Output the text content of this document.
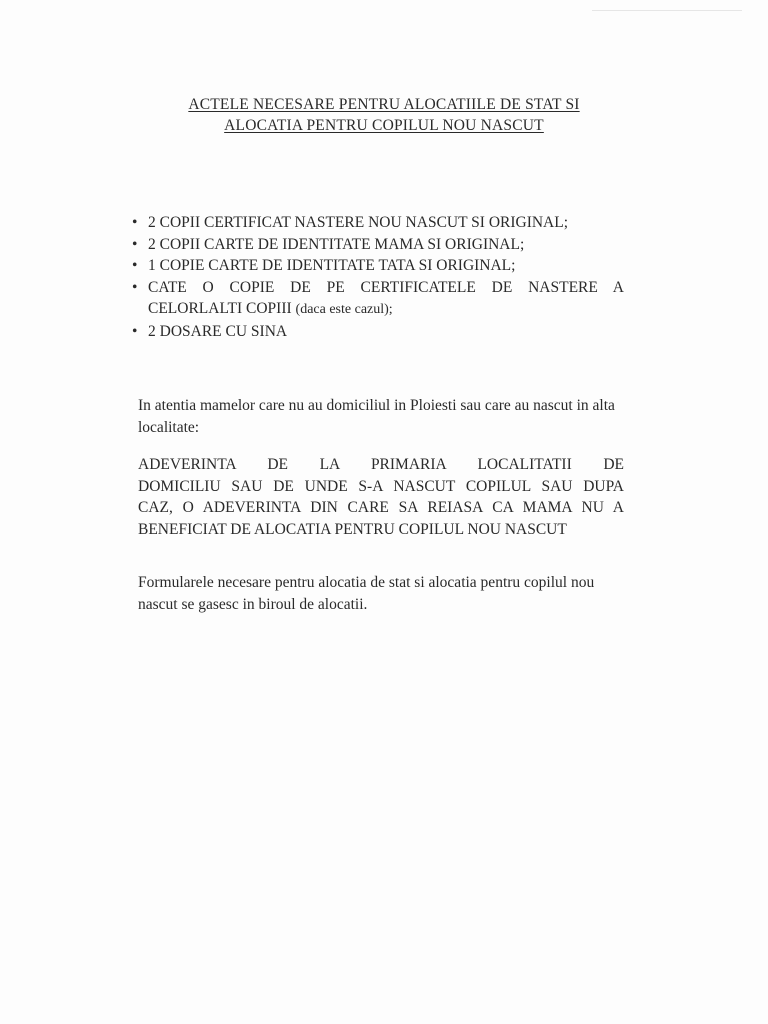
ACTELE NECESARE PENTRU ALOCATIILE DE STAT SI
ALOCATIA PENTRU COPILUL NOU NASCUT
• 2 COPII CERTIFICAT NASTERE NOU NASCUT SI ORIGINAL;
• 2 COPII CARTE DE IDENTITATE MAMA SI ORIGINAL;
• 1 COPIE CARTE DE IDENTITATE TATA SI ORIGINAL;
• CATE O COPIE DE PE CERTIFICATELE DE NASTERE A CELORLALTI COPIII (daca este cazul);
• 2 DOSARE CU SINA
In atentia mamelor care nu au domiciliul in Ploiesti sau care au nascut in alta localitate:
ADEVERINTA DE LA PRIMARIA LOCALITATII DE
DOMICILIU SAU DE UNDE S-A NASCUT COPILUL SAU DUPA
CAZ, O ADEVERINTA DIN CARE SA REIASA CA MAMA NU A
BENEFICIAT DE ALOCATIA PENTRU COPILUL NOU NASCUT
Formularele necesare pentru alocatia de stat si alocatia pentru copilul nou nascut se gasesc in biroul de alocatii.
